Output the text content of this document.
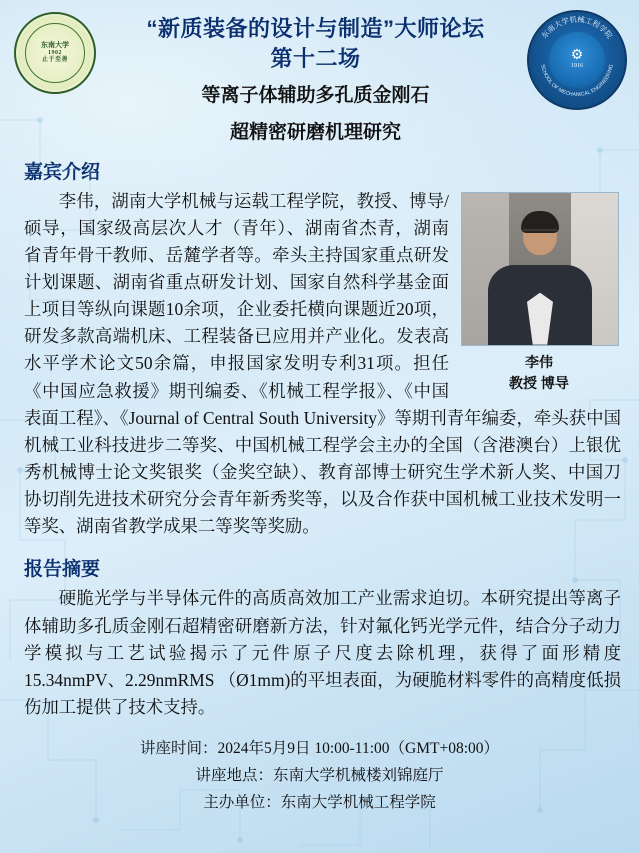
东南大学
1902
止于至善
东南大学机械工程学院
SCHOOL OF MECHANICAL ENGINEERING
⚙
1916
“新质装备的设计与制造”大师论坛
第十二场
等离子体辅助多孔质金刚石
超精密研磨机理研究
嘉宾介绍
李伟
教授 博导
李伟，湖南大学机械与运载工程学院，教授、博导/硕导，国家级高层次人才（青年）、湖南省杰青，湖南省青年骨干教师、岳麓学者等。牵头主持国家重点研发计划课题、湖南省重点研发计划、国家自然科学基金面上项目等纵向课题10余项，企业委托横向课题近20项，研发多款高端机床、工程装备已应用并产业化。发表高水平学术论文50余篇，申报国家发明专利31项。担任《中国应急救援》期刊编委、《机械工程学报》、《中国表面工程》、《Journal of Central South University》等期刊青年编委，牵头获中国机械工业科技进步二等奖、中国机械工程学会主办的全国（含港澳台）上银优秀机械博士论文奖银奖（金奖空缺）、教育部博士研究生学术新人奖、中国刀协切削先进技术研究分会青年新秀奖等，以及合作获中国机械工业技术发明一等奖、湖南省教学成果二等奖等奖励。
报告摘要
硬脆光学与半导体元件的高质高效加工产业需求迫切。本研究提出等离子体辅助多孔质金刚石超精密研磨新方法，针对氟化钙光学元件，结合分子动力学模拟与工艺试验揭示了元件原子尺度去除机理，获得了面形精度15.34nmPV、2.29nmRMS （Ø1mm)的平坦表面，为硬脆材料零件的高精度低损伤加工提供了技术支持。
讲座时间：2024年5月9日 10:00-11:00（GMT+08:00）
讲座地点：东南大学机械楼刘锦庭厅
主办单位：东南大学机械工程学院
